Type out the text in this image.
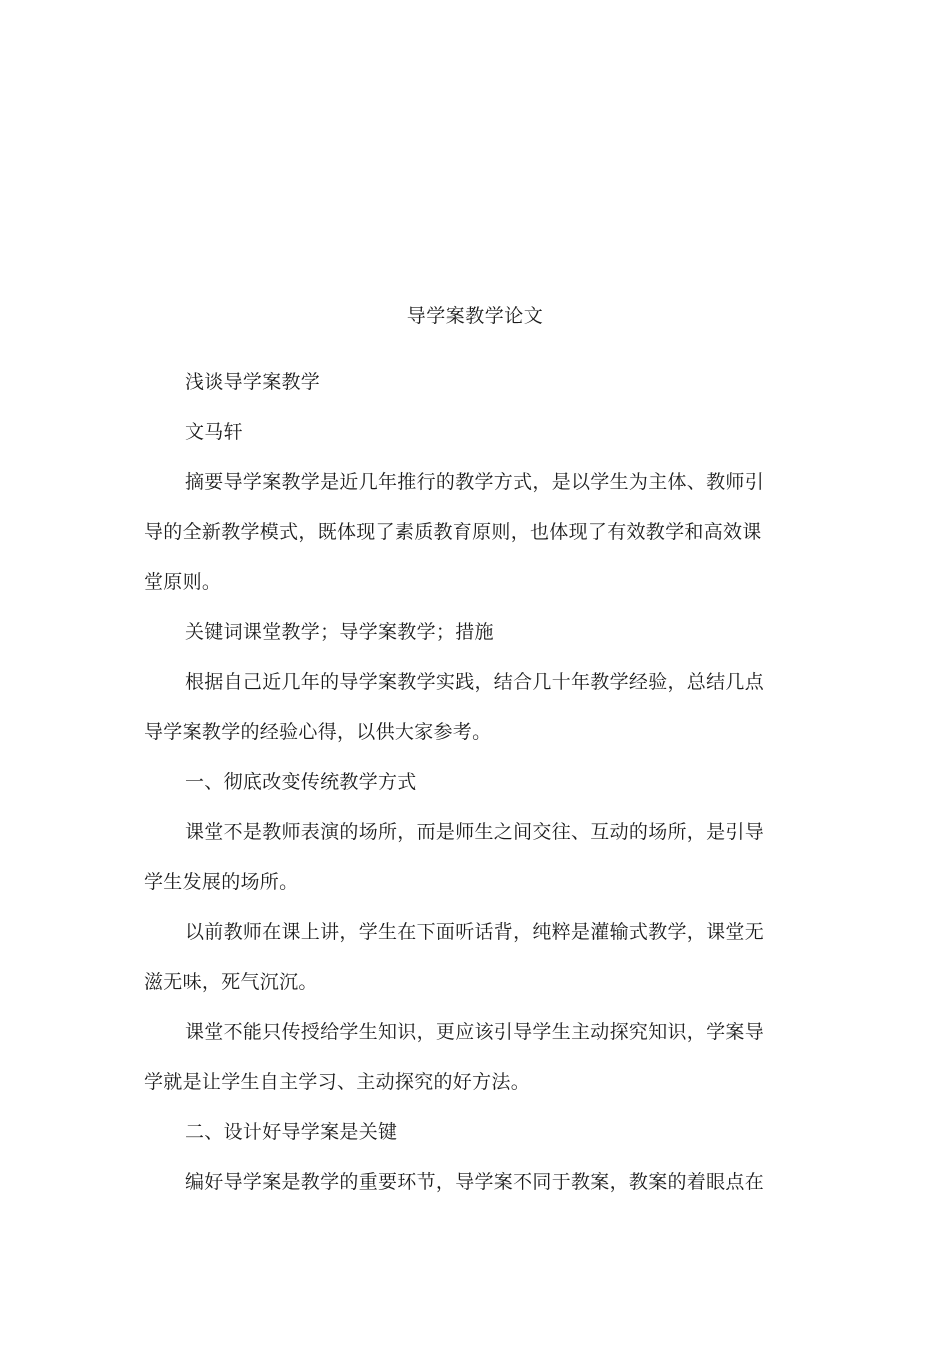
导学案教学论文
浅谈导学案教学
文马轩
摘要导学案教学是近几年推行的教学方式，是以学生为主体、教师引
导的全新教学模式，既体现了素质教育原则，也体现了有效教学和高效课
堂原则。
关键词课堂教学；导学案教学；措施
根据自己近几年的导学案教学实践，结合几十年教学经验，总结几点
导学案教学的经验心得，以供大家参考。
一、彻底改变传统教学方式
课堂不是教师表演的场所，而是师生之间交往、互动的场所，是引导
学生发展的场所。
以前教师在课上讲，学生在下面听话背，纯粹是灌输式教学，课堂无
滋无味，死气沉沉。
课堂不能只传授给学生知识，更应该引导学生主动探究知识，学案导
学就是让学生自主学习、主动探究的好方法。
二、设计好导学案是关键
编好导学案是教学的重要环节，导学案不同于教案，教案的着眼点在
